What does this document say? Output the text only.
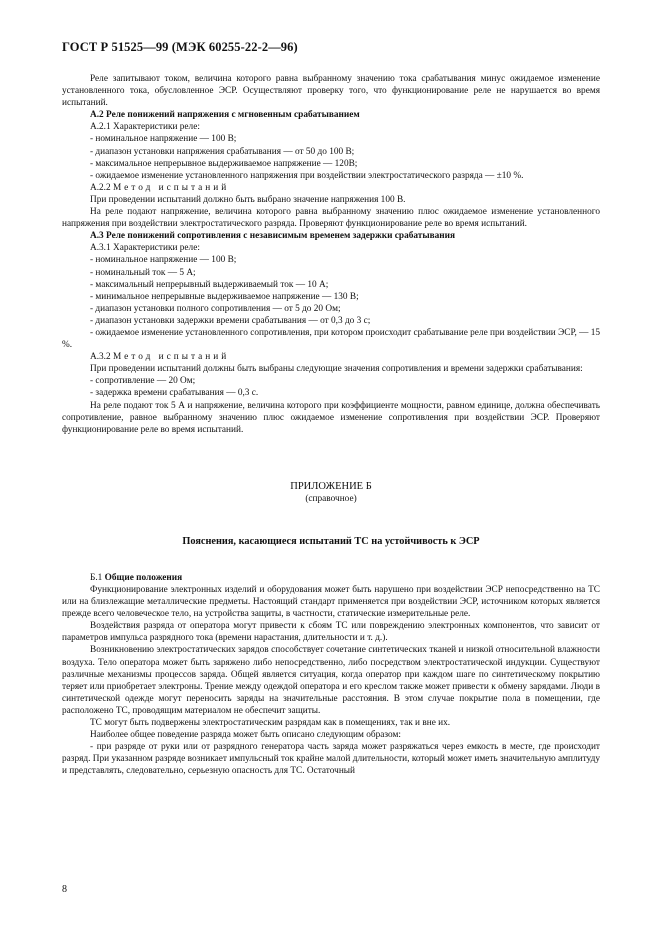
ГОСТ Р 51525—99 (МЭК 60255-22-2—96)

Реле запитывают током, величина которого равна выбранному значению тока срабатывания минус ожидаемое изменение установленного тока, обусловленное ЭСР. Осуществляют проверку того, что функционирование реле не нарушается во время испытаний.

А.2 Реле понижений напряжения с мгновенным срабатыванием

А.2.1 Характеристики реле:

- номинальное напряжение — 100 В;

- диапазон установки напряжения срабатывания — от 50 до 100 В;

- максимальное непрерывное выдерживаемое напряжение — 120В;

- ожидаемое изменение установленного напряжения при воздействии электростатического разряда — ±10 %.

А.2.2 Метод испытаний

При проведении испытаний должно быть выбрано значение напряжения 100 В.

На реле подают напряжение, величина которого равна выбранному значению плюс ожидаемое изменение установленного напряжения при воздействии электростатического разряда. Проверяют функционирование реле во время испытаний.

А.3 Реле понижений сопротивления с независимым временем задержки срабатывания

А.3.1 Характеристики реле:

- номинальное напряжение — 100 В;

- номинальный ток — 5 А;

- максимальный непрерывный выдерживаемый ток — 10 А;

- минимальное непрерывные выдерживаемое напряжение — 130 В;

- диапазон установки полного сопротивления — от 5 до 20 Ом;

- диапазон установки задержки времени срабатывания — от 0,3 до 3 с;

- ожидаемое изменение установленного сопротивления, при котором происходит срабатывание реле при воздействии ЭСР, — 15 %.

А.3.2 Метод испытаний

При проведении испытаний должны быть выбраны следующие значения сопротивления и времени задержки срабатывания:

- сопротивление — 20 Ом;

- задержка времени срабатывания — 0,3 с.

На реле подают ток 5 А и напряжение, величина которого при коэффициенте мощности, равном единице, должна обеспечивать сопротивление, равное выбранному значению плюс ожидаемое изменение сопротивления при воздействии ЭСР. Проверяют функционирование реле во время испытаний.

ПРИЛОЖЕНИЕ Б
(справочное)
Пояснения, касающиеся испытаний ТС на устойчивость к ЭСР
Б.1 Общие положения

Функционирование электронных изделий и оборудования может быть нарушено при воздействии ЭСР непосредственно на ТС или на близлежащие металлические предметы. Настоящий стандарт применяется при воздействии ЭСР, источником которых является прежде всего человеческое тело, на устройства защиты, в частности, статические измерительные реле.

Воздействия разряда от оператора могут привести к сбоям ТС или повреждению электронных компонентов, что зависит от параметров импульса разрядного тока (времени нарастания, длительности и т. д.).

Возникновению электростатических зарядов способствует сочетание синтетических тканей и низкой относительной влажности воздуха. Тело оператора может быть заряжено либо непосредственно, либо посредством электростатической индукции. Существуют различные механизмы процессов заряда. Общей является ситуация, когда оператор при каждом шаге по синтетическому покрытию теряет или приобретает электроны. Трение между одеждой оператора и его креслом также может привести к обмену зарядами. Люди в синтетической одежде могут переносить заряды на значительные расстояния. В этом случае покрытие пола в помещении, где расположено ТС, проводящим материалом не обеспечит защиты.

ТС могут быть подвержены электростатическим разрядам как в помещениях, так и вне их.

Наиболее общее поведение разряда может быть описано следующим образом:

- при разряде от руки или от разрядного генератора часть заряда может разряжаться через емкость в месте, где происходит разряд. При указанном разряде возникает импульсный ток крайне малой длительности, который может иметь значительную амплитуду и представлять, следовательно, серьезную опасность для ТС. Остаточный

8
